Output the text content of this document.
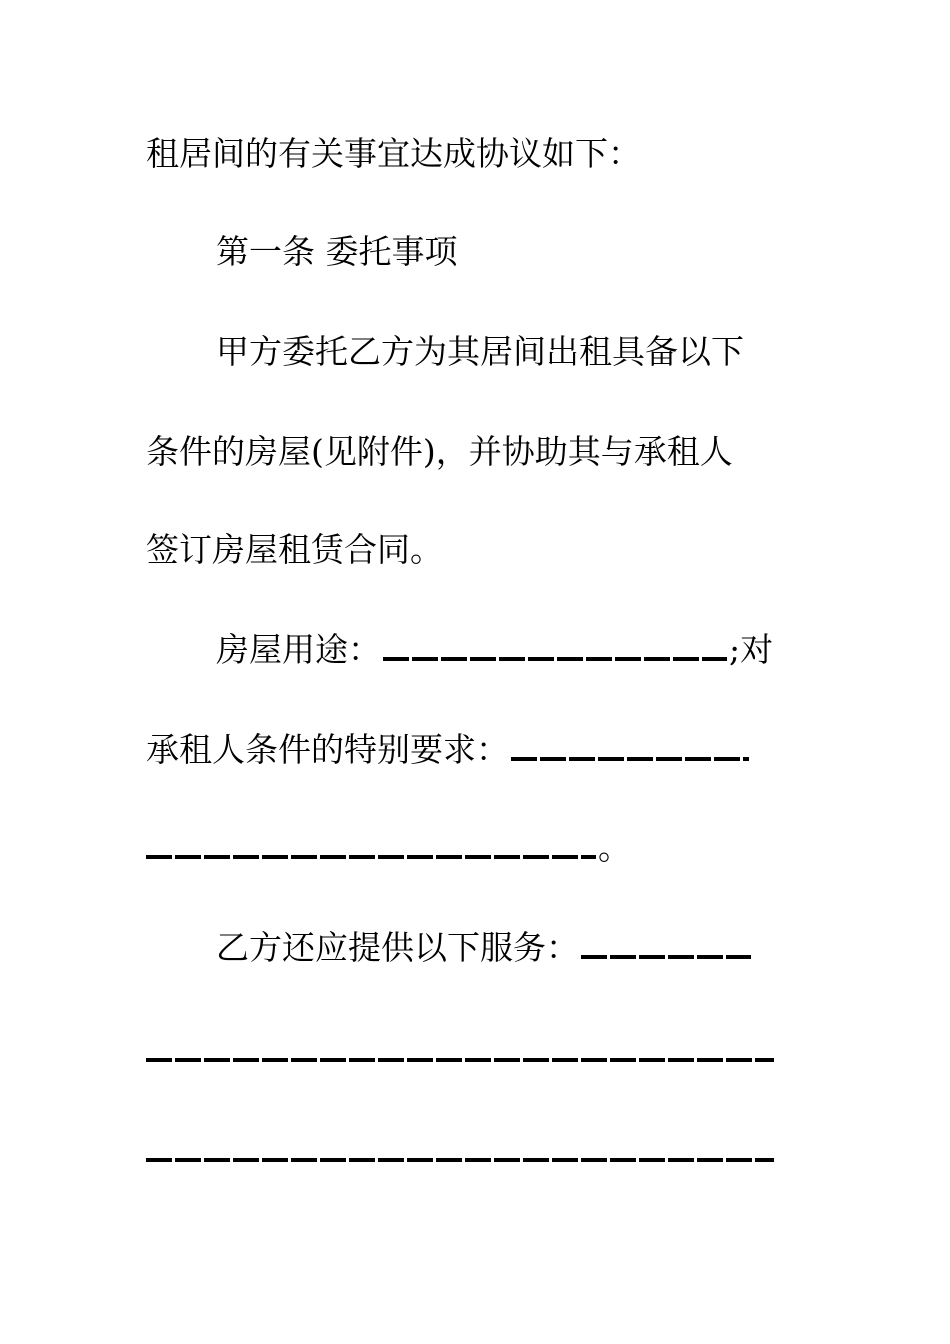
租居间的有关事宜达成协议如下：
第一条 委托事项
甲方委托乙方为其居间出租具备以下
条件的房屋(见附件)，并协助其与承租人
签订房屋租赁合同。
房屋用途：	;对
承租人条件的特别要求：
。
乙方还应提供以下服务：
